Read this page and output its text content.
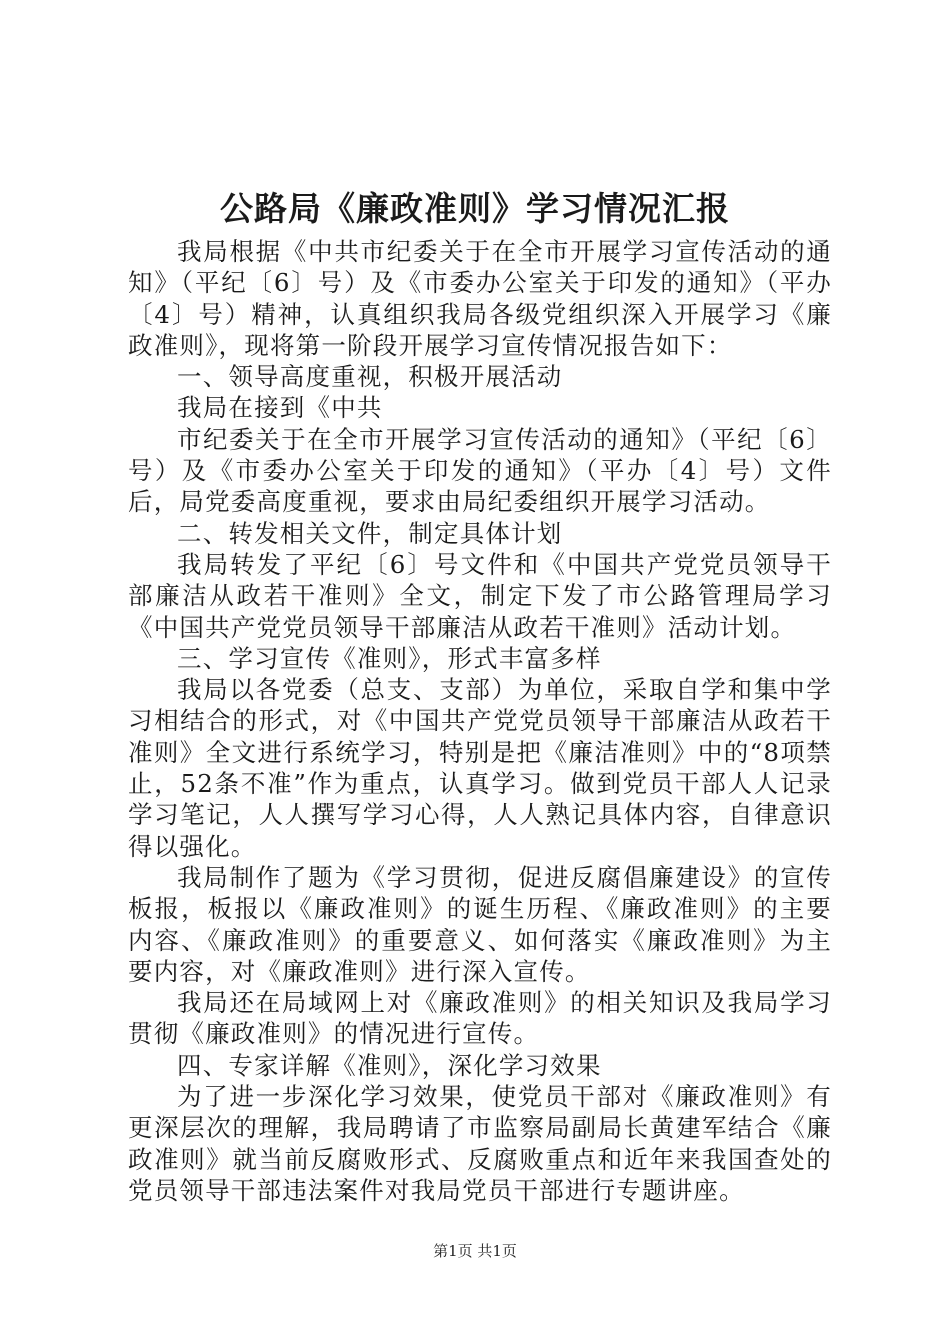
公路局《廉政准则》学习情况汇报

我局根据《中共市纪委关于在全市开展学习宣传活动的通知》（平纪〔6〕号）及《市委办公室关于印发的通知》（平办〔4〕号）精神，认真组织我局各级党组织深入开展学习《廉政准则》，现将第一阶段开展学习宣传情况报告如下：

一、领导高度重视，积极开展活动

我局在接到《中共

市纪委关于在全市开展学习宣传活动的通知》（平纪〔6〕号）及《市委办公室关于印发的通知》（平办〔4〕号）文件后，局党委高度重视，要求由局纪委组织开展学习活动。

二、转发相关文件，制定具体计划

我局转发了平纪〔6〕号文件和《中国共产党党员领导干部廉洁从政若干准则》全文，制定下发了市公路管理局学习《中国共产党党员领导干部廉洁从政若干准则》活动计划。

三、学习宣传《准则》，形式丰富多样

我局以各党委（总支、支部）为单位，采取自学和集中学习相结合的形式，对《中国共产党党员领导干部廉洁从政若干准则》全文进行系统学习，特别是把《廉洁准则》中的“8项禁止，52条不准”作为重点，认真学习。做到党员干部人人记录学习笔记，人人撰写学习心得，人人熟记具体内容，自律意识得以强化。

我局制作了题为《学习贯彻，促进反腐倡廉建设》的宣传板报，板报以《廉政准则》的诞生历程、《廉政准则》的主要内容、《廉政准则》的重要意义、如何落实《廉政准则》为主要内容，对《廉政准则》进行深入宣传。

我局还在局域网上对《廉政准则》的相关知识及我局学习贯彻《廉政准则》的情况进行宣传。

四、专家详解《准则》，深化学习效果

为了进一步深化学习效果，使党员干部对《廉政准则》有更深层次的理解，我局聘请了市监察局副局长黄建军结合《廉政准则》就当前反腐败形式、反腐败重点和近年来我国查处的党员领导干部违法案件对我局党员干部进行专题讲座。

第1页 共1页
